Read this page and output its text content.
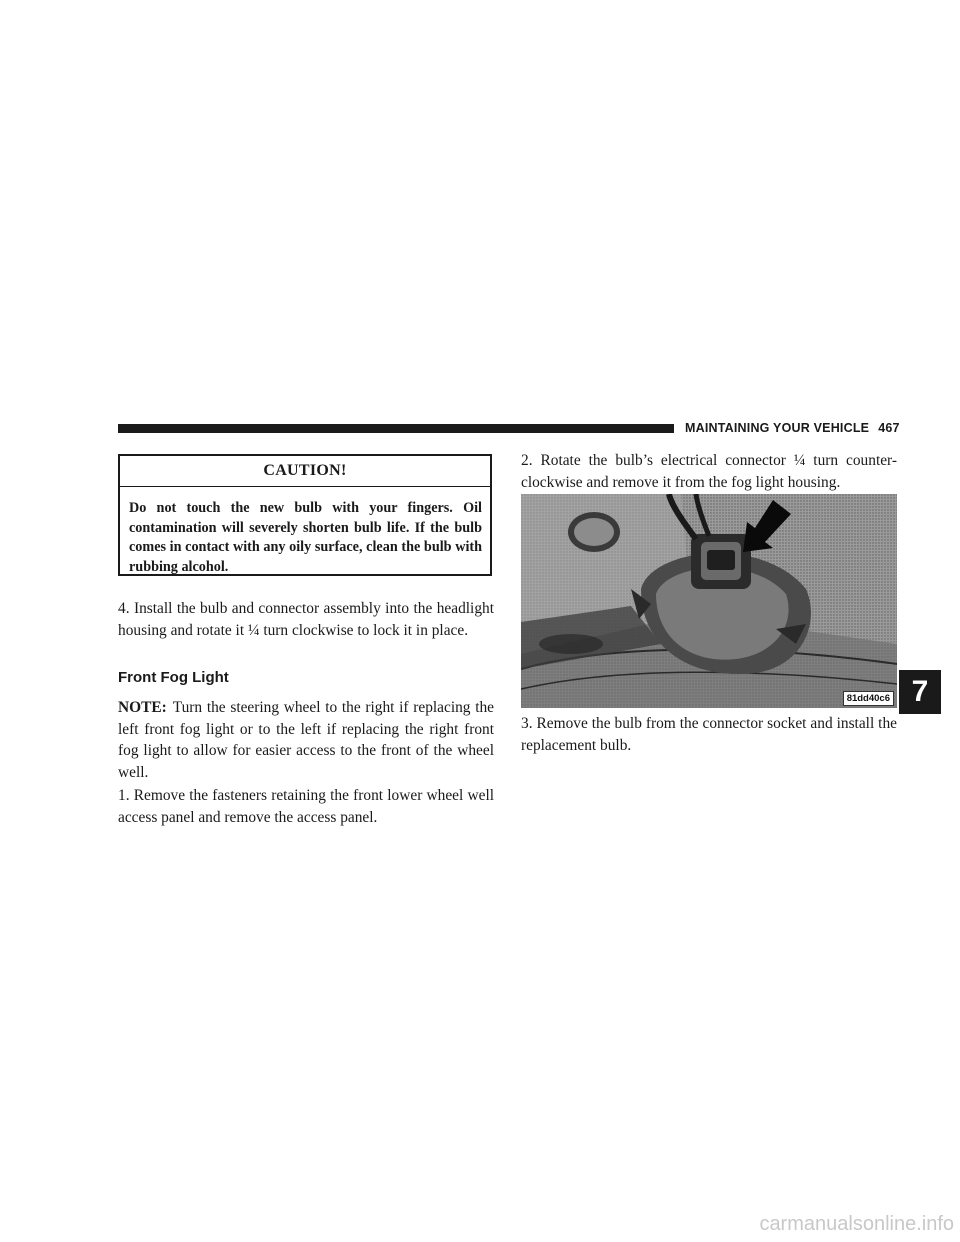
MAINTAINING YOUR VEHICLE 467
CAUTION!
Do not touch the new bulb with your fingers. Oil contamination will severely shorten bulb life. If the bulb comes in contact with any oily surface, clean the bulb with rubbing alcohol.
4. Install the bulb and connector assembly into the headlight housing and rotate it ¼ turn clockwise to lock it in place.
Front Fog Light
NOTE: Turn the steering wheel to the right if replacing the left front fog light or to the left if replacing the right front fog light to allow for easier access to the front of the wheel well.
1. Remove the fasteners retaining the front lower wheel well access panel and remove the access panel.
2. Rotate the bulb’s electrical connector ¼ turn counter-clockwise and remove it from the fog light housing.
81dd40c6
3. Remove the bulb from the connector socket and install the replacement bulb.
7
carmanualsonline.info
